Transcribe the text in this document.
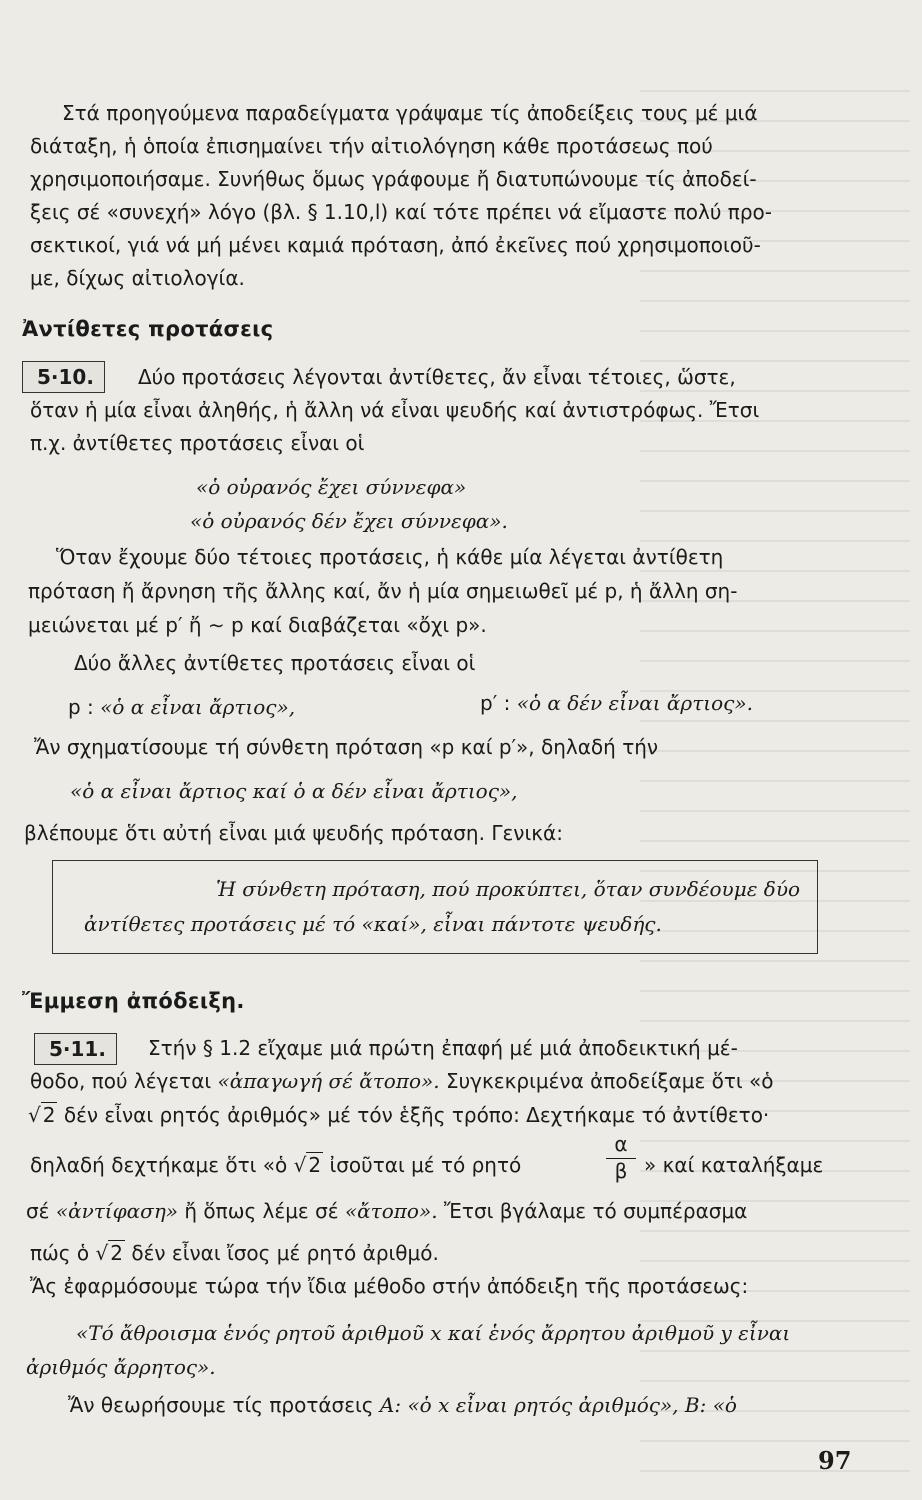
Στά προηγούμενα παραδείγματα γράψαμε τίς ἀποδείξεις τους μέ μιά
διάταξη, ἡ ὁποία ἐπισημαίνει τήν αἰτιολόγηση κάθε προτάσεως πού
χρησιμοποιήσαμε. Συνήθως ὅμως γράφουμε ἤ διατυπώνουμε τίς ἀποδεί-
ξεις σέ «συνεχή» λόγο (βλ. § 1.10,l) καί τότε πρέπει νά εἴμαστε πολύ προ-
σεκτικοί, γιά νά μή μένει καμιά πρόταση, ἀπό ἐκεῖνες πού χρησιμοποιοῦ-
με, δίχως αἰτιολογία.
Ἀντίθετες προτάσεις
5·10.	Δύο προτάσεις λέγονται ἀντίθετες, ἄν εἶναι τέτοιες, ὥστε,
ὅταν ἡ μία εἶναι ἀληθής, ἡ ἄλλη νά εἶναι ψευδής καί ἀντιστρόφως. Ἔτσι
π.χ. ἀντίθετες προτάσεις εἶναι οἱ
«ὁ οὐρανός ἔχει σύννεφα»
«ὁ οὐρανός δέν ἔχει σύννεφα».
Ὅταν ἔχουμε δύο τέτοιες προτάσεις, ἡ κάθε μία λέγεται ἀντίθετη
πρόταση ἤ ἄρνηση τῆς ἄλλης καί, ἄν ἡ μία σημειωθεῖ μέ p, ἡ ἄλλη ση-
μειώνεται μέ p′ ἤ ∼ p καί διαβάζεται «ὄχι p».
Δύο ἄλλες ἀντίθετες προτάσεις εἶναι οἱ
p : «ὁ α εἶναι ἄρτιος»,	p′ : «ὁ α δέν εἶναι ἄρτιος».
Ἄν σχηματίσουμε τή σύνθετη πρόταση «p καί p′», δηλαδή τήν
«ὁ α εἶναι ἄρτιος καί ὁ α δέν εἶναι ἄρτιος»,
βλέπουμε ὅτι αὐτή εἶναι μιά ψευδής πρόταση. Γενικά:
Ἡ σύνθετη πρόταση, πού προκύπτει, ὅταν συνδέουμε δύο
ἀντίθετες προτάσεις μέ τό «καί», εἶναι πάντοτε ψευδής.
Ἔμμεση ἀπόδειξη.
5·11.	Στήν § 1.2 εἴχαμε μιά πρώτη ἐπαφή μέ μιά ἀποδεικτική μέ-
θοδο, πού λέγεται «ἀπαγωγή σέ ἄτοπο». Συγκεκριμένα ἀποδείξαμε ὅτι «ὁ
√ 2 δέν εἶναι ρητός ἀριθμός» μέ τόν ἑξῆς τρόπο: Δεχτήκαμε τό ἀντίθετο·
δηλαδή δεχτήκαμε ὅτι «ὁ √ 2 ἰσοῦται μέ τό ρητό	$\frac{\alpha}{\beta}$ » καί καταλήξαμε
σέ «ἀντίφαση» ἤ ὅπως λέμε σέ «ἄτοπο». Ἔτσι βγάλαμε τό συμπέρασμα
πώς ὁ √ 2 δέν εἶναι ἴσος μέ ρητό ἀριθμό.
Ἄς ἐφαρμόσουμε τώρα τήν ἴδια μέθοδο στήν ἀπόδειξη τῆς προτάσεως:
«Τό ἄθροισμα ἑνός ρητοῦ ἀριθμοῦ x καί ἑνός ἄρρητου ἀριθμοῦ y εἶναι
ἀριθμός ἄρρητος».
Ἄν θεωρήσουμε τίς προτάσεις A: «ὁ x εἶναι ρητός ἀριθμός», B: «ὁ
97
